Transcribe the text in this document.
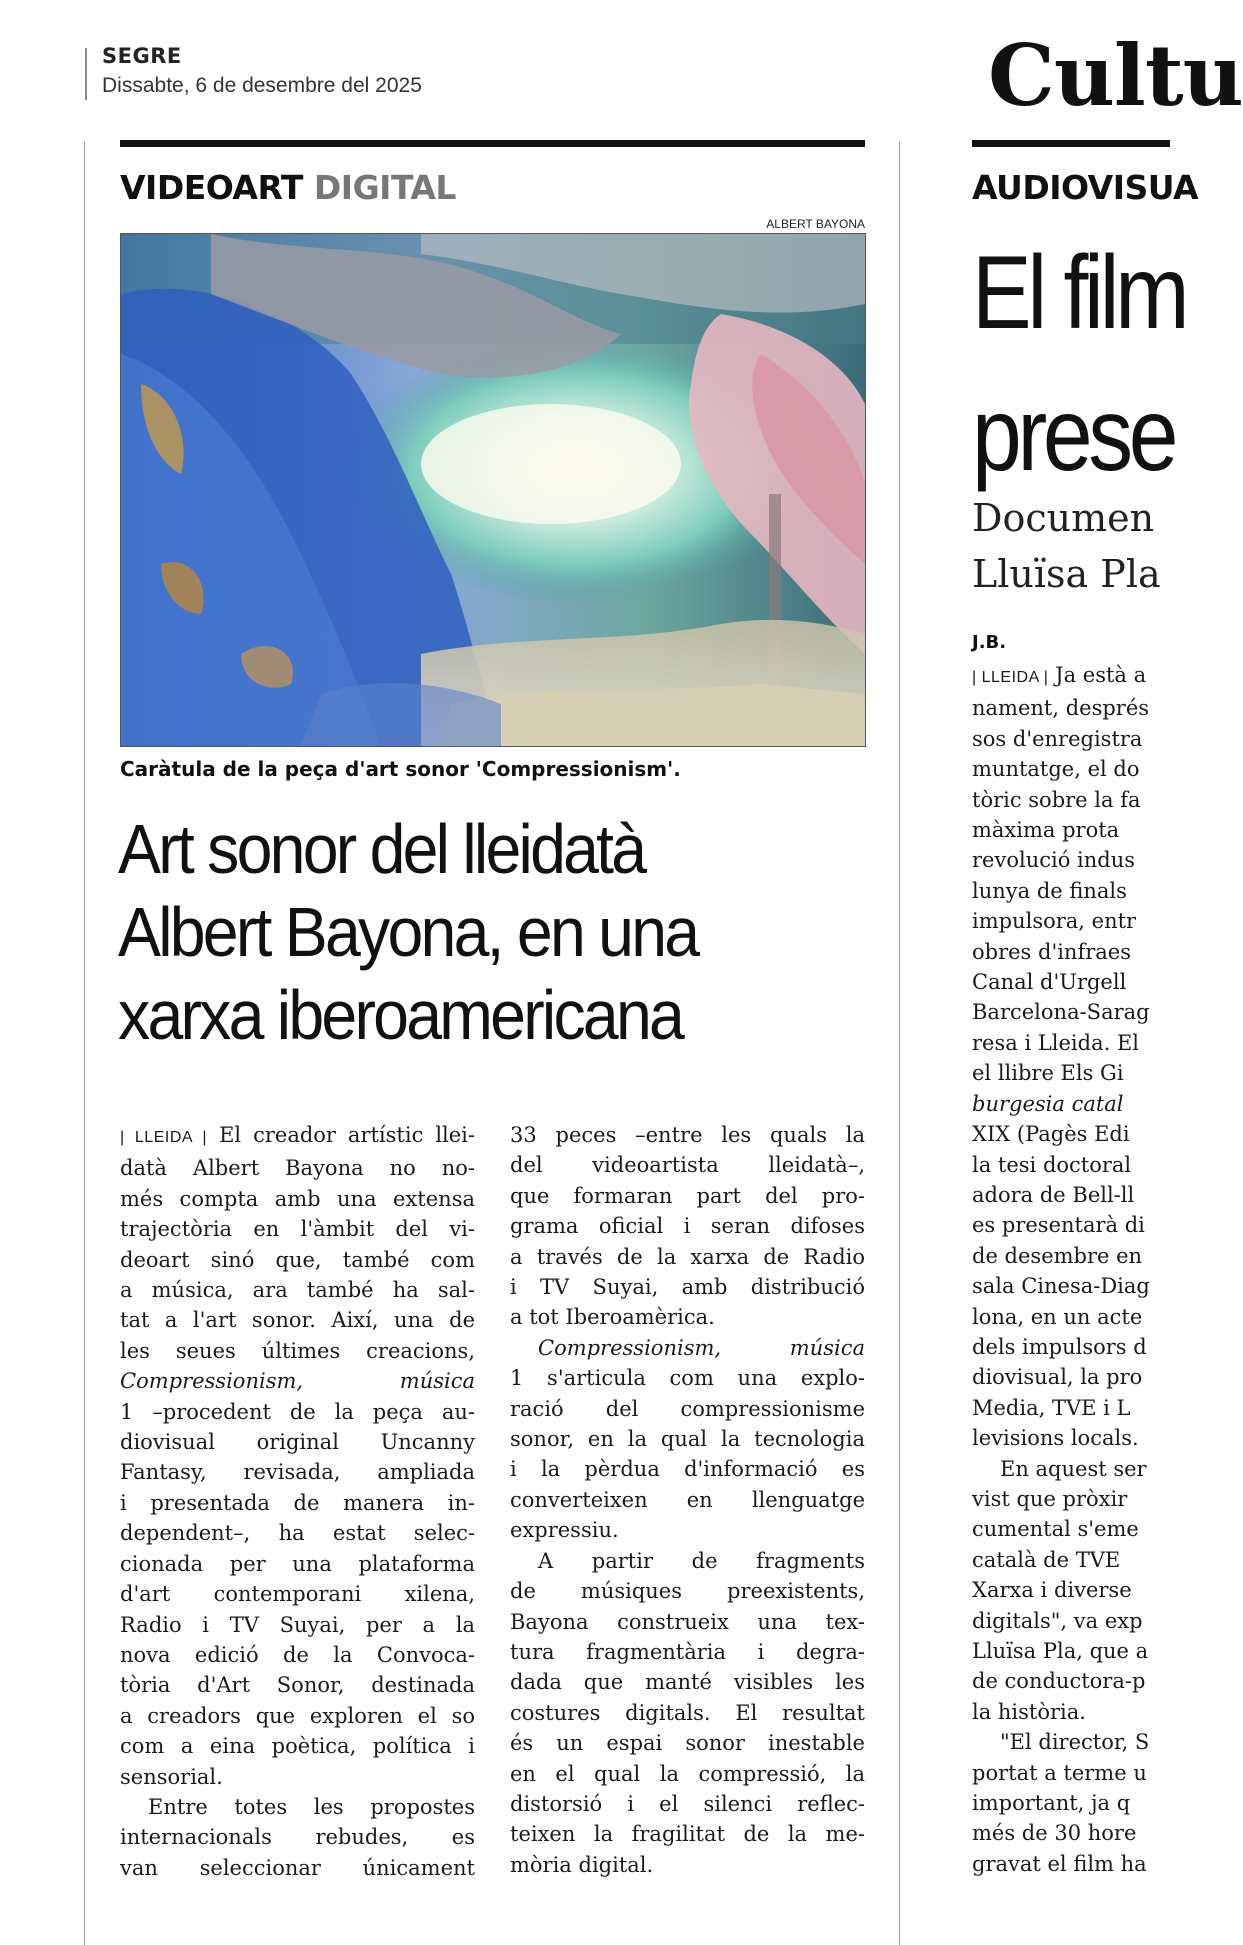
SEGRE
Dissabte, 6 de desembre del 2025	Cultu
VIDEOART DIGITAL
ALBERT BAYONA
Caràtula de la peça d'art sonor 'Compressionism'.
Art sonor del lleidatà
Albert Bayona, en una
xarxa iberoamericana
| LLEIDA | El creador artístic llei-
datà Albert Bayona no no-
més compta amb una extensa
trajectòria en l'àmbit del vi-
deoart sinó que, també com
a música, ara també ha sal-
tat a l'art sonor. Així, una de
les seues últimes creacions,
Compressionism, música
1 –procedent de la peça au-
diovisual original Uncanny
Fantasy, revisada, ampliada
i presentada de manera in-
dependent–, ha estat selec-
cionada per una plataforma
d'art contemporani xilena,
Radio i TV Suyai, per a la
nova edició de la Convoca-
tòria d'Art Sonor, destinada
a creadors que exploren el so
com a eina poètica, política i
sensorial.
Entre totes les propostes
internacionals rebudes, es
van seleccionar únicament
33 peces –entre les quals la
del videoartista lleidatà–,
que formaran part del pro-
grama oficial i seran difoses
a través de la xarxa de Radio
i TV Suyai, amb distribució
a tot Iberoamèrica.
Compressionism, música
1 s'articula com una explo-
ració del compressionisme
sonor, en la qual la tecnologia
i la pèrdua d'informació es
converteixen en llenguatge
expressiu.
A partir de fragments
de músiques preexistents,
Bayona construeix una tex-
tura fragmentària i degra-
dada que manté visibles les
costures digitals. El resultat
és un espai sonor inestable
en el qual la compressió, la
distorsió i el silenci reflec-
teixen la fragilitat de la me-
mòria digital.
AUDIOVISUA
El film
prese
Documen
Lluïsa Pla
J.B.
| LLEIDA | Ja està a
nament, després
sos d'enregistra
muntatge, el do
tòric sobre la fa
màxima prota
revolució indus
lunya de finals
impulsora, entr
obres d'infraes
Canal d'Urgell
Barcelona-Sarag
resa i Lleida. El
el llibre Els Gi
burgesia catal
XIX (Pagès Edi
la tesi doctoral
adora de Bell-ll
es presentarà di
de desembre en
sala Cinesa-Diag
lona, en un acte
dels impulsors d
diovisual, la pro
Media, TVE i L
levisions locals.
En aquest ser
vist que pròxir
cumental s'eme
català de TVE
Xarxa i diverse
digitals", va exp
Lluïsa Pla, que a
de conductora-p
la història.
"El director, S
portat a terme u
important, ja q
més de 30 hore
gravat el film ha
